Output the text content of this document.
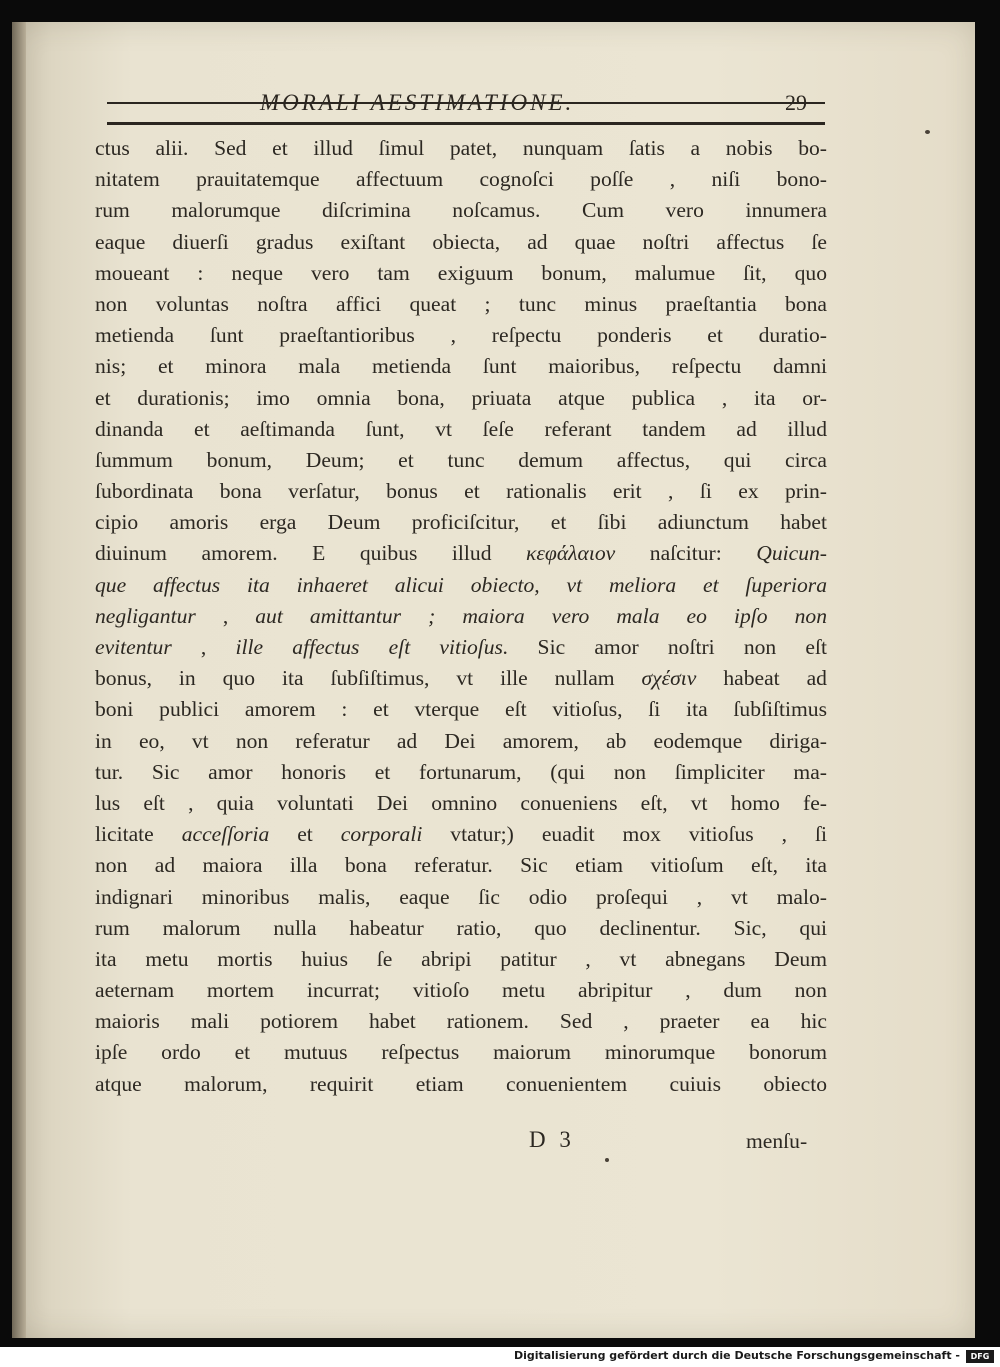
MORALI AESTIMATIONE.	29
ctus alii. Sed et illud ſimul patet, nunquam ſatis a nobis bo-
nitatem prauitatemque affectuum cognoſci poſſe , niſi bono-
rum malorumque diſcrimina noſcamus. Cum vero innumera
eaque diuerſi gradus exiſtant obiecta, ad quae noſtri affectus ſe
moueant : neque vero tam exiguum bonum, malumue ſit, quo
non voluntas noſtra affici queat ; tunc minus praeſtantia bona
metienda ſunt praeſtantioribus , reſpectu ponderis et duratio-
nis; et minora mala metienda ſunt maioribus, reſpectu damni
et durationis; imo omnia bona, priuata atque publica , ita or-
dinanda et aeſtimanda ſunt, vt ſeſe referant tandem ad illud
ſummum bonum, Deum; et tunc demum affectus, qui circa
ſubordinata bona verſatur, bonus et rationalis erit , ſi ex prin-
cipio amoris erga Deum proficiſcitur, et ſibi adiunctum habet
diuinum amorem. E quibus illud κεφάλαιον naſcitur: Quicun-
que affectus ita inhaeret alicui obiecto, vt meliora et ſuperiora
negligantur , aut amittantur ; maiora vero mala eo ipſo non
evitentur , ille affectus eſt vitioſus. Sic amor noſtri non eſt
bonus, in quo ita ſubſiſtimus, vt ille nullam σχέσιν habeat ad
boni publici amorem : et vterque eſt vitioſus, ſi ita ſubſiſtimus
in eo, vt non referatur ad Dei amorem, ab eodemque diriga-
tur. Sic amor honoris et fortunarum, (qui non ſimpliciter ma-
lus eſt , quia voluntati Dei omnino conueniens eſt, vt homo fe-
licitate acceſſoria et corporali vtatur;) euadit mox vitioſus , ſi
non ad maiora illa bona referatur. Sic etiam vitioſum eſt, ita
indignari minoribus malis, eaque ſic odio proſequi , vt malo-
rum malorum nulla habeatur ratio, quo declinentur. Sic, qui
ita metu mortis huius ſe abripi patitur , vt abnegans Deum
aeternam mortem incurrat; vitioſo metu abripitur , dum non
maioris mali potiorem habet rationem. Sed , praeter ea hic
ipſe ordo et mutuus reſpectus maiorum minorumque bonorum
atque malorum, requirit etiam conuenientem cuiuis obiecto
D 3	menſu-
Digitalisierung gefördert durch die Deutsche Forschungsgemeinschaft -	DFG
